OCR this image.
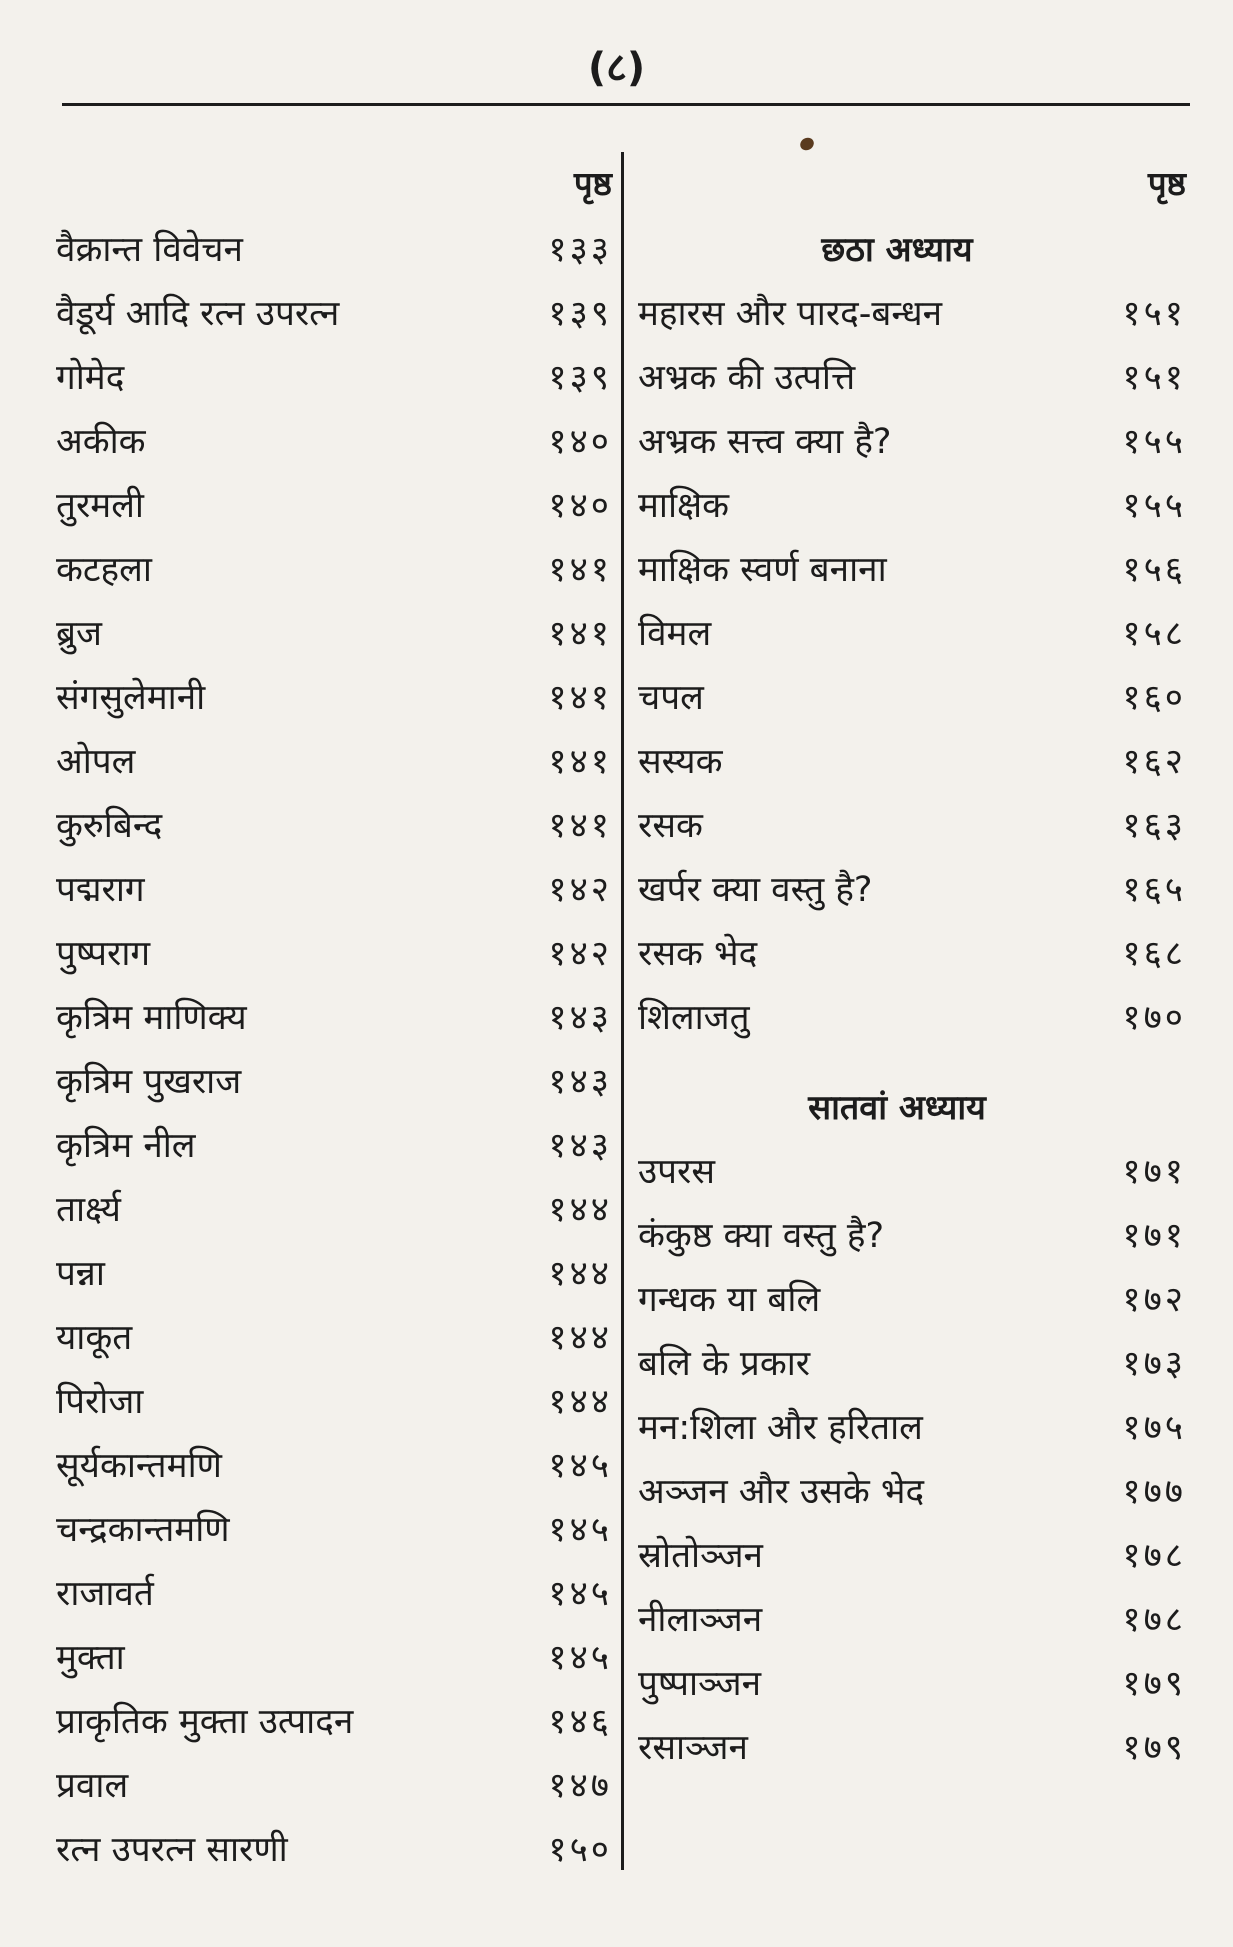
(८)
पृष्ठ
वैक्रान्त विवेचन	१३३
वैडूर्य आदि रत्न उपरत्न	१३९
गोमेद	१३९
अकीक	१४०
तुरमली	१४०
कटहला	१४१
ब्रुज	१४१
संगसुलेमानी	१४१
ओपल	१४१
कुरुबिन्द	१४१
पद्मराग	१४२
पुष्पराग	१४२
कृत्रिम माणिक्य	१४३
कृत्रिम पुखराज	१४३
कृत्रिम नील	१४३
तार्क्ष्य	१४४
पन्ना	१४४
याकूत	१४४
पिरोजा	१४४
सूर्यकान्तमणि	१४५
चन्द्रकान्तमणि	१४५
राजावर्त	१४५
मुक्ता	१४५
प्राकृतिक मुक्ता उत्पादन	१४६
प्रवाल	१४७
रत्न उपरत्न सारणी	१५०
पृष्ठ
छठा अध्याय
महारस और पारद-बन्धन	१५१
अभ्रक की उत्पत्ति	१५१
अभ्रक सत्त्व क्या है?	१५५
माक्षिक	१५५
माक्षिक स्वर्ण बनाना	१५६
विमल	१५८
चपल	१६०
सस्यक	१६२
रसक	१६३
खर्पर क्या वस्तु है?	१६५
रसक भेद	१६८
शिलाजतु	१७०
सातवां अध्याय
उपरस	१७१
कंकुष्ठ क्या वस्तु है?	१७१
गन्धक या बलि	१७२
बलि के प्रकार	१७३
मन:शिला और हरिताल	१७५
अञ्जन और उसके भेद	१७७
स्रोतोञ्जन	१७८
नीलाञ्जन	१७८
पुष्पाञ्जन	१७९
रसाञ्जन	१७९
